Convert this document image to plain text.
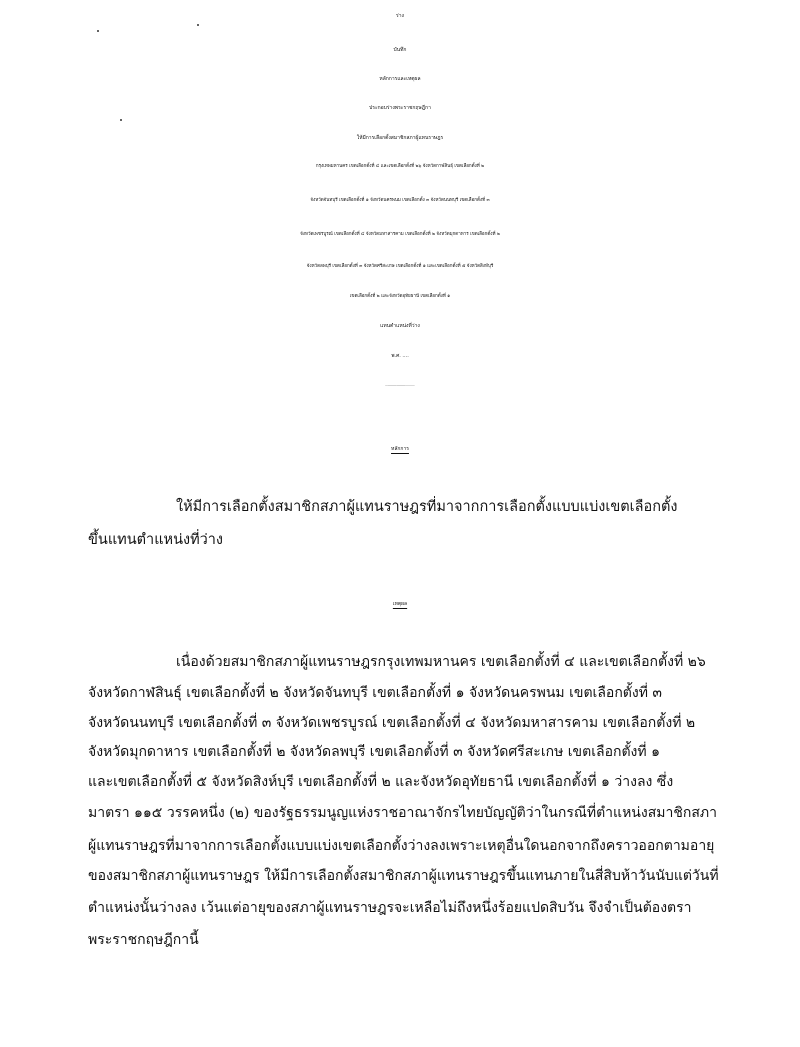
ร่าง
บันทึก
หลักการและเหตุผล
ประกอบร่างพระราชกฤษฎีกา
ให้มีการเลือกตั้งสมาชิกสภาผู้แทนราษฎร
กรุงเทพมหานคร เขตเลือกตั้งที่ ๔ และเขตเลือกตั้งที่ ๒๖ จังหวัดกาฬสินธุ์ เขตเลือกตั้งที่ ๒
จังหวัดจันทบุรี เขตเลือกตั้งที่ ๑ จังหวัดนครพนม เขตเลือกตั้ง ๓ จังหวัดนนทบุรี เขตเลือกตั้งที่ ๓
จังหวัดเพชรบูรณ์ เขตเลือกตั้งที่ ๔ จังหวัดมหาสารคาม เขตเลือกตั้งที่ ๒ จังหวัดมุกดาหาร เขตเลือกตั้งที่ ๒
จังหวัดลพบุรี เขตเลือกตั้งที่ ๓ จังหวัดศรีสะเกษ เขตเลือกตั้งที่ ๑ และเขตเลือกตั้งที่ ๕ จังหวัดสิงห์บุรี
เขตเลือกตั้งที่ ๒ และจังหวัดอุทัยธานี เขตเลือกตั้งที่ ๑
แทนตำแหน่งที่ว่าง
พ.ศ. ....
-----------------------------
หลักการ
ให้มีการเลือกตั้งสมาชิกสภาผู้แทนราษฎรที่มาจากการเลือกตั้งแบบแบ่งเขตเลือกตั้ง
ขึ้นแทนตำแหน่งที่ว่าง
เหตุผล
เนื่องด้วยสมาชิกสภาผู้แทนราษฎรกรุงเทพมหานคร เขตเลือกตั้งที่ ๔ และเขตเลือกตั้งที่ ๒๖
จังหวัดกาฬสินธุ์ เขตเลือกตั้งที่ ๒ จังหวัดจันทบุรี เขตเลือกตั้งที่ ๑ จังหวัดนครพนม เขตเลือกตั้งที่ ๓
จังหวัดนนทบุรี เขตเลือกตั้งที่ ๓ จังหวัดเพชรบูรณ์ เขตเลือกตั้งที่ ๔ จังหวัดมหาสารคาม เขตเลือกตั้งที่ ๒
จังหวัดมุกดาหาร เขตเลือกตั้งที่ ๒ จังหวัดลพบุรี เขตเลือกตั้งที่ ๓ จังหวัดศรีสะเกษ เขตเลือกตั้งที่ ๑
และเขตเลือกตั้งที่ ๕ จังหวัดสิงห์บุรี เขตเลือกตั้งที่ ๒ และจังหวัดอุทัยธานี เขตเลือกตั้งที่ ๑ ว่างลง ซึ่ง
มาตรา ๑๑๕ วรรคหนึ่ง (๒) ของรัฐธรรมนูญแห่งราชอาณาจักรไทยบัญญัติว่าในกรณีที่ตำแหน่งสมาชิกสภา
ผู้แทนราษฎรที่มาจากการเลือกตั้งแบบแบ่งเขตเลือกตั้งว่างลงเพราะเหตุอื่นใดนอกจากถึงคราวออกตามอายุ
ของสมาชิกสภาผู้แทนราษฎร ให้มีการเลือกตั้งสมาชิกสภาผู้แทนราษฎรขึ้นแทนภายในสี่สิบห้าวันนับแต่วันที่
ตำแหน่งนั้นว่างลง เว้นแต่อายุของสภาผู้แทนราษฎรจะเหลือไม่ถึงหนึ่งร้อยแปดสิบวัน จึงจำเป็นต้องตรา
พระราชกฤษฎีกานี้
